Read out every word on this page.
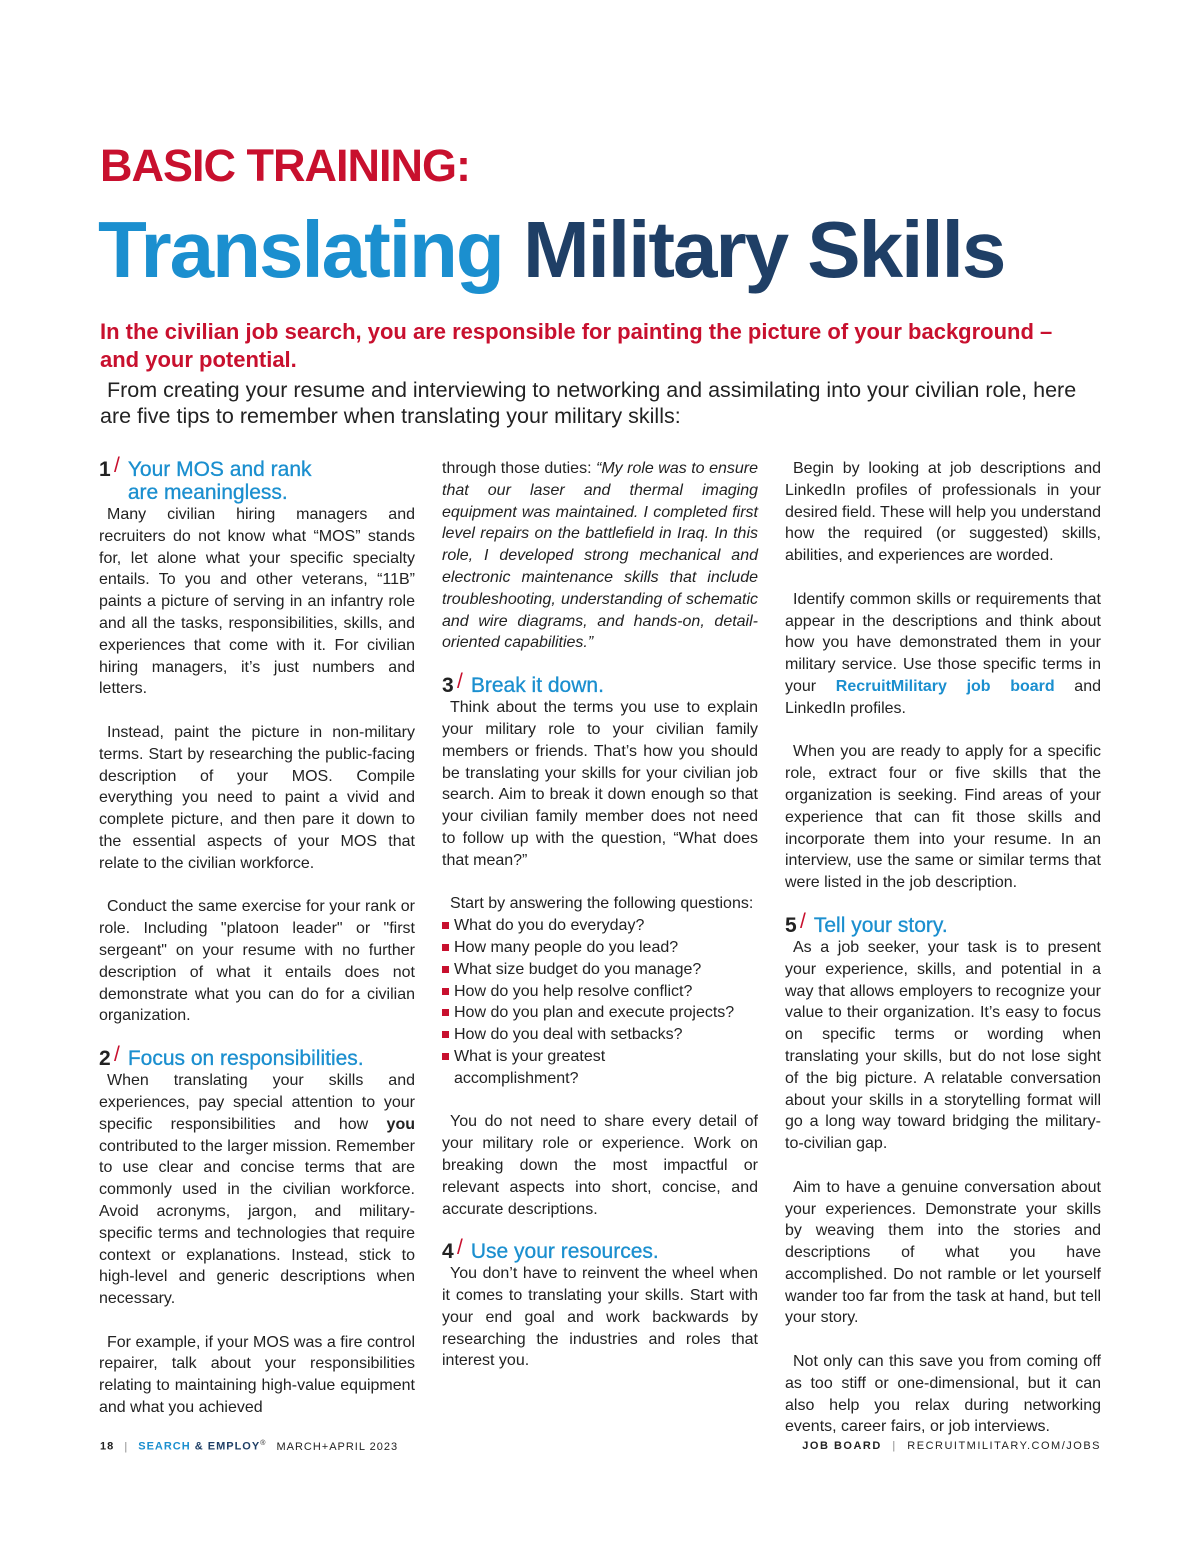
BASIC TRAINING:
Translating Military Skills
In the civilian job search, you are responsible for painting the picture of your background – and your potential.
From creating your resume and interviewing to networking and assimilating into your civilian role, here are five tips to remember when translating your military skills:
1 / Your MOS and rank are meaningless.

Many civilian hiring managers and recruiters do not know what “MOS” stands for, let alone what your specific specialty entails. To you and other veterans, “11B” paints a picture of serving in an infantry role and all the tasks, responsibilities, skills, and experiences that come with it. For civilian hiring managers, it’s just numbers and letters.

Instead, paint the picture in non-military terms. Start by researching the public-facing description of your MOS. Compile everything you need to paint a vivid and complete picture, and then pare it down to the essential aspects of your MOS that relate to the civilian workforce.

Conduct the same exercise for your rank or role. Including "platoon leader" or "first sergeant" on your resume with no further description of what it entails does not demonstrate what you can do for a civilian organization.

2 / Focus on responsibilities.

When translating your skills and experiences, pay special attention to your specific responsibilities and how you contributed to the larger mission. Remember to use clear and concise terms that are commonly used in the civilian workforce. Avoid acronyms, jargon, and military-specific terms and technologies that require context or explanations. Instead, stick to high-level and generic descriptions when necessary.

For example, if your MOS was a fire control repairer, talk about your responsibilities relating to maintaining high-value equipment and what you achieved

through those duties: “My role was to ensure that our laser and thermal imaging equipment was maintained. I completed first level repairs on the battlefield in Iraq. In this role, I developed strong mechanical and electronic maintenance skills that include troubleshooting, understanding of schematic and wire diagrams, and hands-on, detail-oriented capabilities.”

3 / Break it down.

Think about the terms you use to explain your military role to your civilian family members or friends. That’s how you should be translating your skills for your civilian job search. Aim to break it down enough so that your civilian family member does not need to follow up with the question, “What does that mean?”

Start by answering the following questions:

What do you do everyday?
How many people do you lead?
What size budget do you manage?
How do you help resolve conflict?
How do you plan and execute projects?
How do you deal with setbacks?
What is your greatest accomplishment?

You do not need to share every detail of your military role or experience. Work on breaking down the most impactful or relevant aspects into short, concise, and accurate descriptions.

4 / Use your resources.

You don’t have to reinvent the wheel when it comes to translating your skills. Start with your end goal and work backwards by researching the industries and roles that interest you.

Begin by looking at job descriptions and LinkedIn profiles of professionals in your desired field. These will help you understand how the required (or suggested) skills, abilities, and experiences are worded.

Identify common skills or requirements that appear in the descriptions and think about how you have demonstrated them in your military service. Use those specific terms in your RecruitMilitary job board and LinkedIn profiles.

When you are ready to apply for a specific role, extract four or five skills that the organization is seeking. Find areas of your experience that can fit those skills and incorporate them into your resume. In an interview, use the same or similar terms that were listed in the job description.

5 / Tell your story.

As a job seeker, your task is to present your experience, skills, and potential in a way that allows employers to recognize your value to their organization. It’s easy to focus on specific terms or wording when translating your skills, but do not lose sight of the big picture. A relatable conversation about your skills in a storytelling format will go a long way toward bridging the military-to-civilian gap.

Aim to have a genuine conversation about your experiences. Demonstrate your skills by weaving them into the stories and descriptions of what you have accomplished. Do not ramble or let yourself wander too far from the task at hand, but tell your story.

Not only can this save you from coming off as too stiff or one-dimensional, but it can also help you relax during networking events, career fairs, or job interviews.

18 | SEARCH & EMPLOY® MARCH+APRIL 2023	JOB BOARD | RECRUITMILITARY.COM/JOBS
